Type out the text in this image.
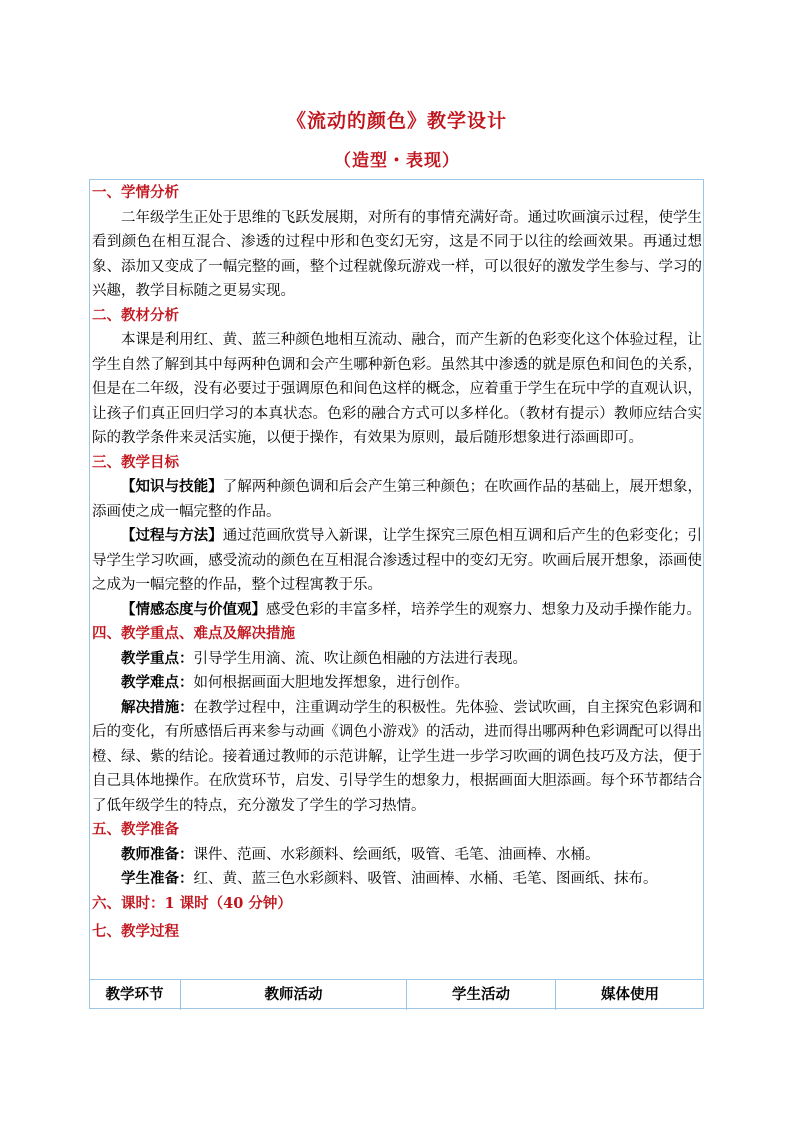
《流动的颜色》教学设计
（造型・表现）
一、学情分析

二年级学生正处于思维的飞跃发展期，对所有的事情充满好奇。通过吹画演示过程，使学生看到颜色在相互混合、渗透的过程中形和色变幻无穷，这是不同于以往的绘画效果。再通过想象、添加又变成了一幅完整的画，整个过程就像玩游戏一样，可以很好的激发学生参与、学习的兴趣，教学目标随之更易实现。

二、教材分析

本课是利用红、黄、蓝三种颜色地相互流动、融合，而产生新的色彩变化这个体验过程，让学生自然了解到其中每两种色调和会产生哪种新色彩。虽然其中渗透的就是原色和间色的关系，但是在二年级，没有必要过于强调原色和间色这样的概念，应着重于学生在玩中学的直观认识，让孩子们真正回归学习的本真状态。色彩的融合方式可以多样化。（教材有提示）教师应结合实际的教学条件来灵活实施，以便于操作，有效果为原则，最后随形想象进行添画即可。

三、教学目标

【知识与技能】了解两种颜色调和后会产生第三种颜色；在吹画作品的基础上，展开想象，添画使之成一幅完整的作品。

【过程与方法】通过范画欣赏导入新课，让学生探究三原色相互调和后产生的色彩变化；引导学生学习吹画，感受流动的颜色在互相混合渗透过程中的变幻无穷。吹画后展开想象，添画使之成为一幅完整的作品，整个过程寓教于乐。

【情感态度与价值观】感受色彩的丰富多样，培养学生的观察力、想象力及动手操作能力。

四、教学重点、难点及解决措施

教学重点：引导学生用滴、流、吹让颜色相融的方法进行表现。

教学难点：如何根据画面大胆地发挥想象，进行创作。

解决措施：在教学过程中，注重调动学生的积极性。先体验、尝试吹画，自主探究色彩调和后的变化，有所感悟后再来参与动画《调色小游戏》的活动，进而得出哪两种色彩调配可以得出橙、绿、紫的结论。接着通过教师的示范讲解，让学生进一步学习吹画的调色技巧及方法，便于自己具体地操作。在欣赏环节，启发、引导学生的想象力，根据画面大胆添画。每个环节都结合了低年级学生的特点，充分激发了学生的学习热情。

五、教学准备

教师准备：课件、范画、水彩颜料、绘画纸，吸管、毛笔、油画棒、水桶。

学生准备：红、黄、蓝三色水彩颜料、吸管、油画棒、水桶、毛笔、图画纸、抹布。

六、课时：1 课时（40 分钟）
七、教学过程
教学环节	教师活动	学生活动	媒体使用
